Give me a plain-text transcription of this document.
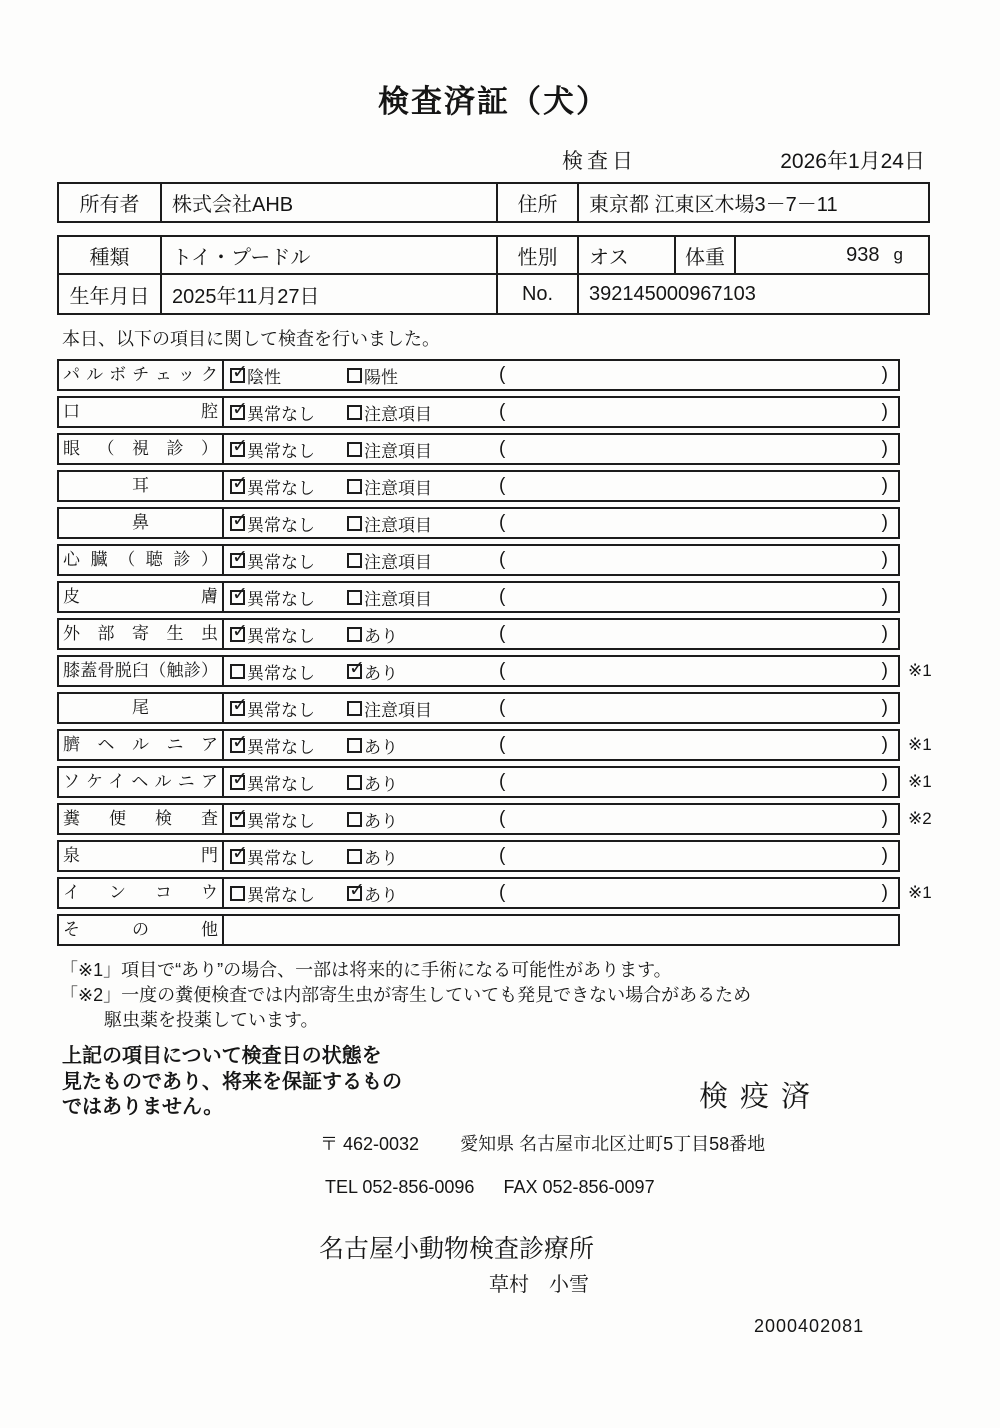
検査済証（犬）
検査日	2026年1月24日
所有者	株式会社AHB	住所	東京都 江東区木場3－7－11
種類	トイ・プードル	性別	オス	体重	938 g
生年月日	2025年11月27日	No.	392145000967103
本日、以下の項目に関して検査を行いました。
パルボチェック ✓	陰性	陽性	(	)
口腔 ✓	異常なし	注意項目	(	)
眼（視診） ✓	異常なし	注意項目	(	)
耳 ✓	異常なし	注意項目	(	)
鼻 ✓	異常なし	注意項目	(	)
心臓（聴診） ✓	異常なし	注意項目	(	)
皮膚 ✓	異常なし	注意項目	(	)
外部寄生虫 ✓	異常なし	あり	(	)
膝蓋骨脱臼（触診）	異常なし ✓	あり	(	) ※1
尾 ✓	異常なし	注意項目	(	)
臍ヘルニア ✓	異常なし	あり	(	) ※1
ソケイヘルニア ✓	異常なし	あり	(	) ※1
糞便検査 ✓	異常なし	あり	(	) ※2
泉門 ✓	異常なし	あり	(	)
インコウ	異常なし ✓	あり	(	) ※1
その他
「※1」項目で“あり”の場合、一部は将来的に手術になる可能性があります。
「※2」一度の糞便検査では内部寄生虫が寄生していても発見できない場合があるため
駆虫薬を投薬しています。
上記の項目について検査日の状態を
見たものであり、将来を保証するもの
ではありません。	検疫済
〒 462-0032 愛知県 名古屋市北区辻町5丁目58番地
TEL 052-856-0096 FAX 052-856-0097
名古屋小動物検査診療所
草村　小雪
2000402081
